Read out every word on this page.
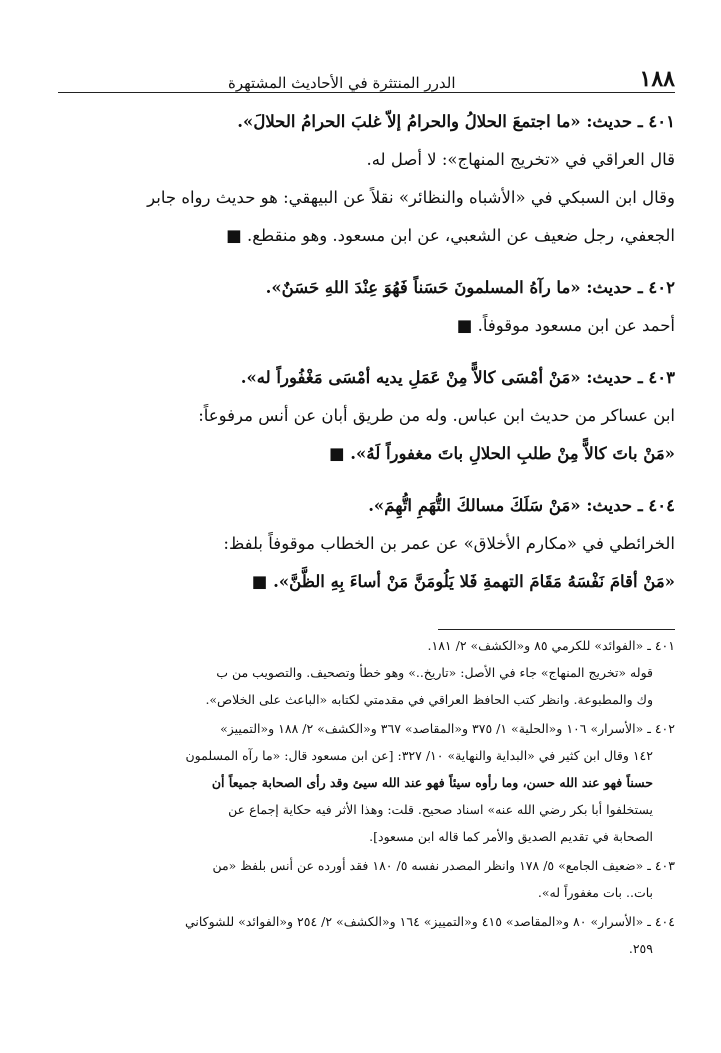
١٨٨
الدرر المنتثرة في الأحاديث المشتهرة
٤٠١ ـ حديث: «ما اجتمعَ الحلالُ والحرامُ إلاّ غلبَ الحرامُ الحلالَ».
قال العراقي في «تخريج المنهاج»: لا أصل له.
وقال ابن السبكي في «الأشباه والنظائر» نقلاً عن البيهقي: هو حديث رواه جابر
الجعفي، رجل ضعيف عن الشعبي، عن ابن مسعود. وهو منقطع. ■
٤٠٢ ـ حديث: «ما رآهُ المسلمونَ حَسَناً فَهُوَ عِنْدَ اللهِ حَسَنٌ».
أحمد عن ابن مسعود موقوفاً. ■
٤٠٣ ـ حديث: «مَنْ أمْسَى كالاًّ مِنْ عَمَلِ يديه أمْسَى مَغْفُوراً له».
ابن عساكر من حديث ابن عباس. وله من طريق أبان عن أنس مرفوعاً:
«مَنْ باتَ كالاًّ مِنْ طلبِ الحلالِ باتَ مغفوراً لَهُ». ■
٤٠٤ ـ حديث: «مَنْ سَلَكَ مسالكَ التُّهَمِ اتُّهِمَ».
الخرائطي في «مكارم الأخلاق» عن عمر بن الخطاب موقوفاً بلفظ:
«مَنْ أقامَ نَفْسَهُ مَقَامَ التهمةِ فَلا يَلُومَنَّ مَنْ أساءَ بِهِ الظَّنَّ». ■
٤٠١ ـ «الفوائد» للكرمي ٨٥ و«الكشف» ٢/ ١٨١.
قوله «تخريج المنهاج» جاء في الأصل: «تاريخ..» وهو خطأ وتصحيف. والتصويب من ب
وك والمطبوعة. وانظر كتب الحافظ العراقي في مقدمتي لكتابه «الباعث على الخلاص».
٤٠٢ ـ «الأسرار» ١٠٦ و«الحلية» ١/ ٣٧٥ و«المقاصد» ٣٦٧ و«الكشف» ٢/ ١٨٨ و«التمييز»
١٤٢ وقال ابن كثير في «البداية والنهاية» ١٠/ ٣٢٧: [عن ابن مسعود قال: «ما رآه المسلمون
حسناً فهو عند الله حسن، وما رأوه سيئاً فهو عند الله سيئ وقد رأى الصحابة جميعاً أن
يستخلفوا أبا بكر رضي الله عنه» اسناد صحيح. قلت: وهذا الأثر فيه حكاية إجماع عن
الصحابة في تقديم الصديق والأمر كما قاله ابن مسعود].
٤٠٣ ـ «ضعيف الجامع» ٥/ ١٧٨ وانظر المصدر نفسه ٥/ ١٨٠ فقد أورده عن أنس بلفظ «من
بات.. بات مغفوراً له».
٤٠٤ ـ «الأسرار» ٨٠ و«المقاصد» ٤١٥ و«التمييز» ١٦٤ و«الكشف» ٢/ ٢٥٤ و«الفوائد» للشوكاني
٢٥٩.
